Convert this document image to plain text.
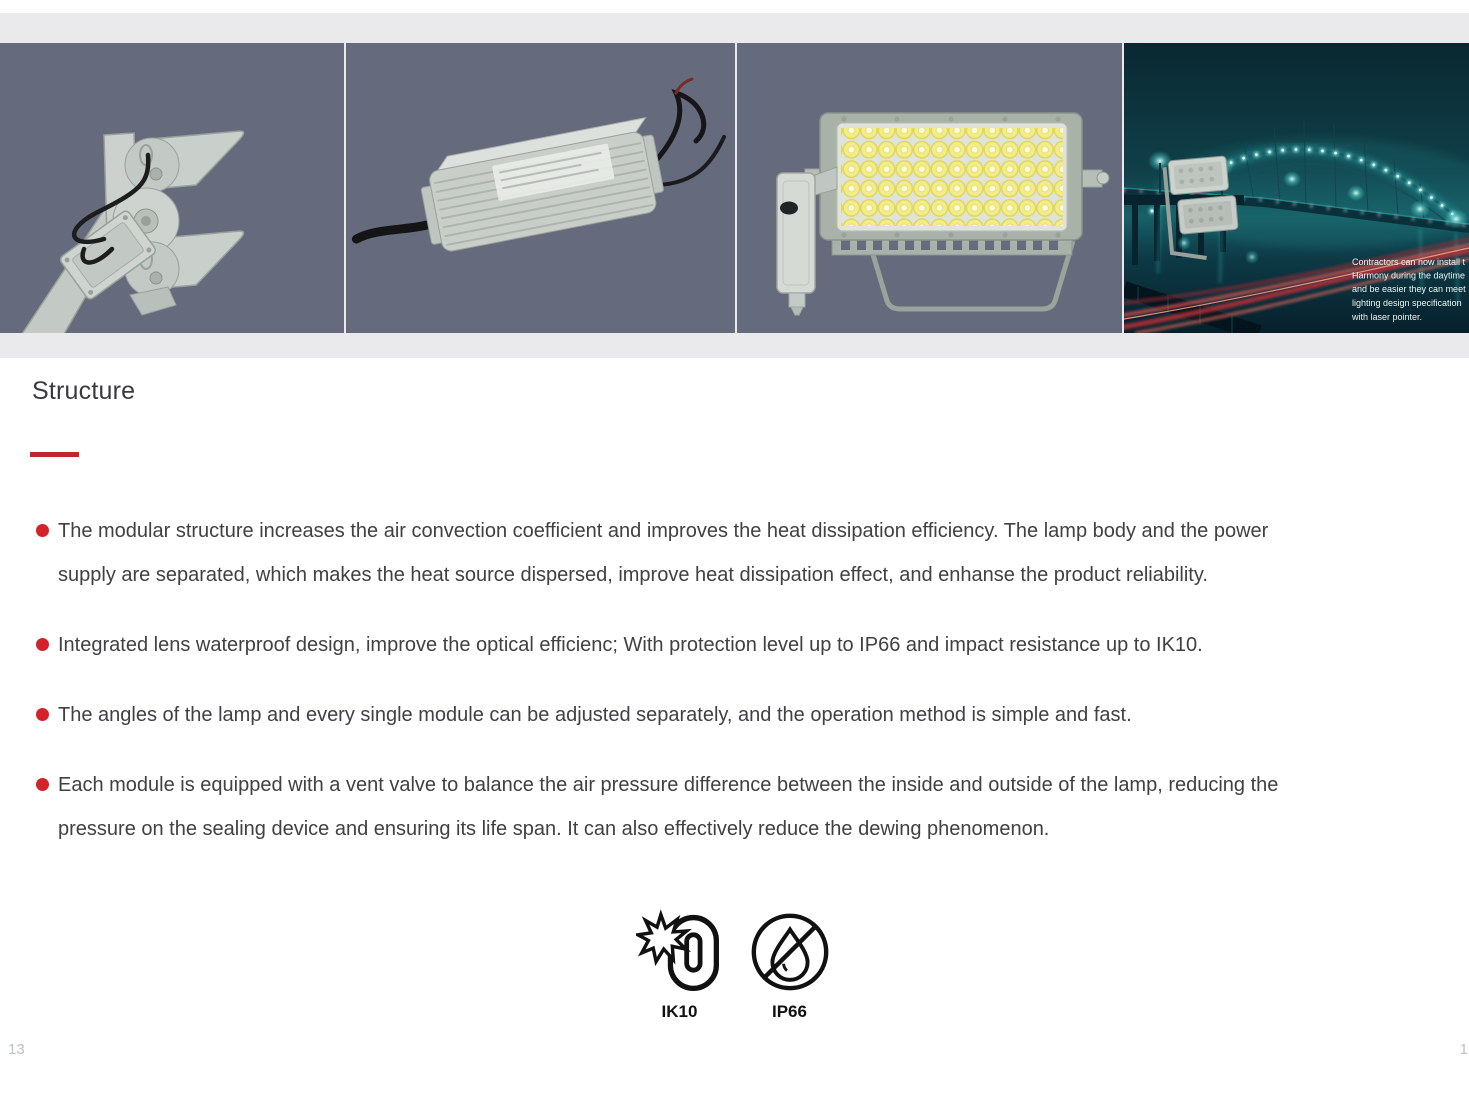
Contractors can now install t
Harmony during the daytime
and be easier they can meet
lighting design specification
with laser pointer.
Structure
The modular structure increases the air convection coefficient and improves the heat dissipation efficiency. The lamp body and the power
supply are separated, which makes the heat source dispersed, improve heat dissipation effect, and enhanse the product reliability.
Integrated lens waterproof design, improve the optical efficienc; With protection level up to IP66 and impact resistance up to IK10.
The angles of the lamp and every single module can be adjusted separately, and the operation method is simple and fast.
Each module is equipped with a vent valve to balance the air pressure difference between the inside and outside of the lamp, reducing the
pressure on the sealing device and ensuring its life span. It can also effectively reduce the dewing phenomenon.
IK10	IP66
13	1
